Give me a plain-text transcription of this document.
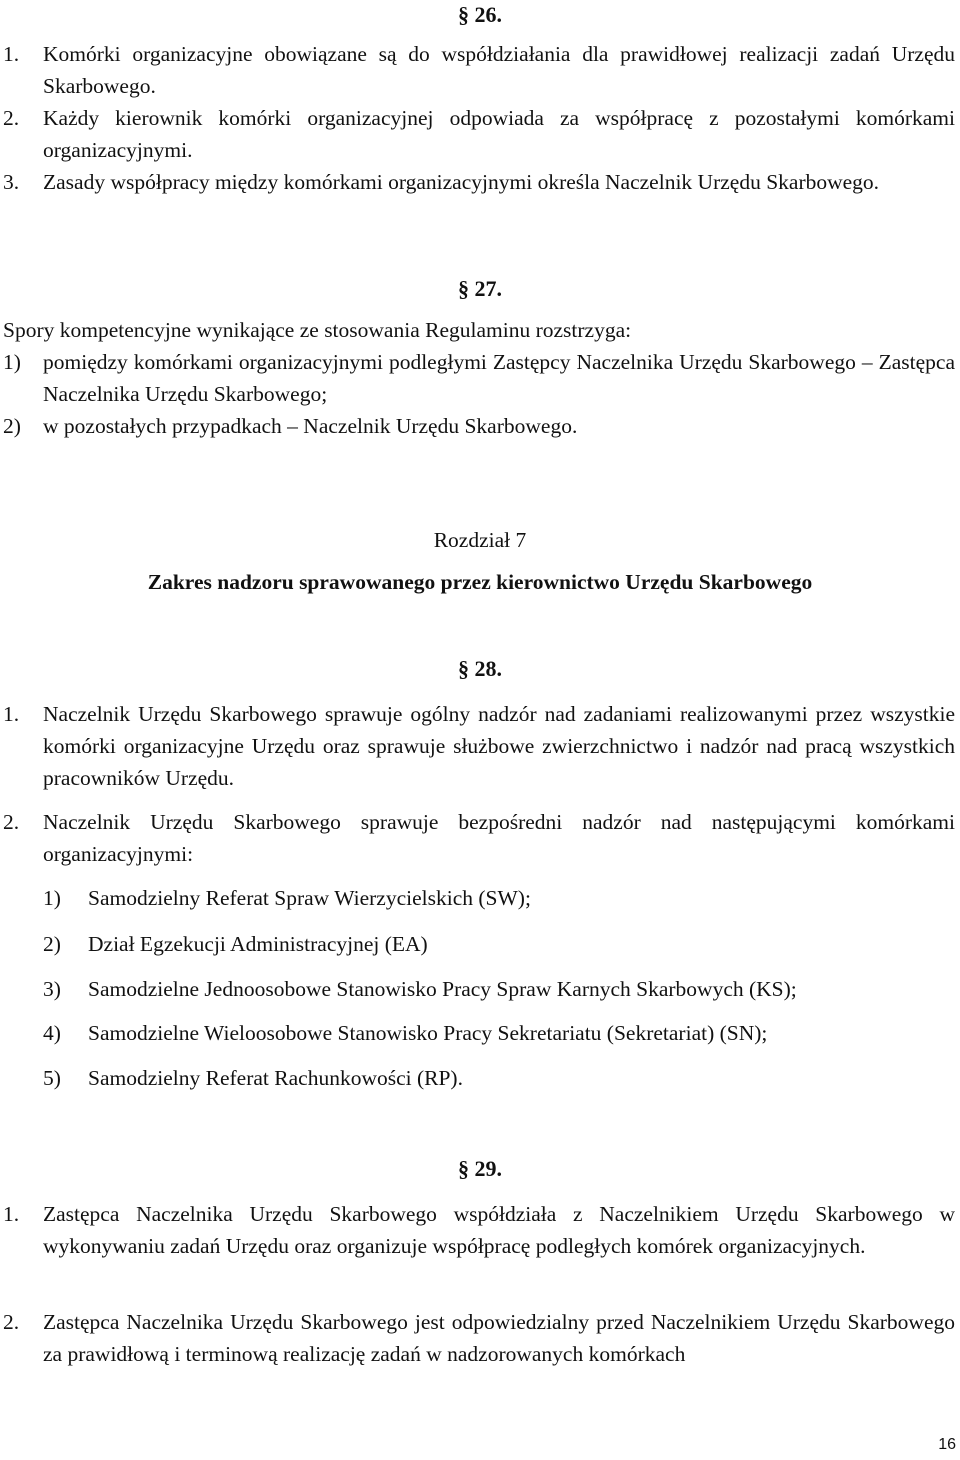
§ 26.
1. Komórki organizacyjne obowiązane są do współdziałania dla prawidłowej realizacji zadań Urzędu Skarbowego.
2. Każdy kierownik komórki organizacyjnej odpowiada za współpracę z pozostałymi komórkami organizacyjnymi.
3. Zasady współpracy między komórkami organizacyjnymi określa Naczelnik Urzędu Skarbowego.
§ 27.
Spory kompetencyjne wynikające ze stosowania Regulaminu rozstrzyga:
1) pomiędzy komórkami organizacyjnymi podległymi Zastępcy Naczelnika Urzędu Skarbowego – Zastępca Naczelnika Urzędu Skarbowego;
2) w pozostałych przypadkach – Naczelnik Urzędu Skarbowego.
Rozdział 7
Zakres nadzoru sprawowanego przez kierownictwo Urzędu Skarbowego
§ 28.
1. Naczelnik Urzędu Skarbowego sprawuje ogólny nadzór nad zadaniami realizowanymi przez wszystkie komórki organizacyjne Urzędu oraz sprawuje służbowe zwierzchnictwo i nadzór nad pracą wszystkich pracowników Urzędu.
2. Naczelnik Urzędu Skarbowego sprawuje bezpośredni nadzór nad następującymi komórkami organizacyjnymi:
1) Samodzielny Referat Spraw Wierzycielskich (SW);
2) Dział Egzekucji Administracyjnej (EA)
3) Samodzielne Jednoosobowe Stanowisko Pracy Spraw Karnych Skarbowych (KS);
4) Samodzielne Wieloosobowe Stanowisko Pracy Sekretariatu (Sekretariat) (SN);
5) Samodzielny Referat Rachunkowości (RP).
§ 29.
1. Zastępca Naczelnika Urzędu Skarbowego współdziała z Naczelnikiem Urzędu Skarbowego w wykonywaniu zadań Urzędu oraz organizuje współpracę podległych komórek organizacyjnych.
2. Zastępca Naczelnika Urzędu Skarbowego jest odpowiedzialny przed Naczelnikiem Urzędu Skarbowego za prawidłową i terminową realizację zadań w nadzorowanych komórkach
16
